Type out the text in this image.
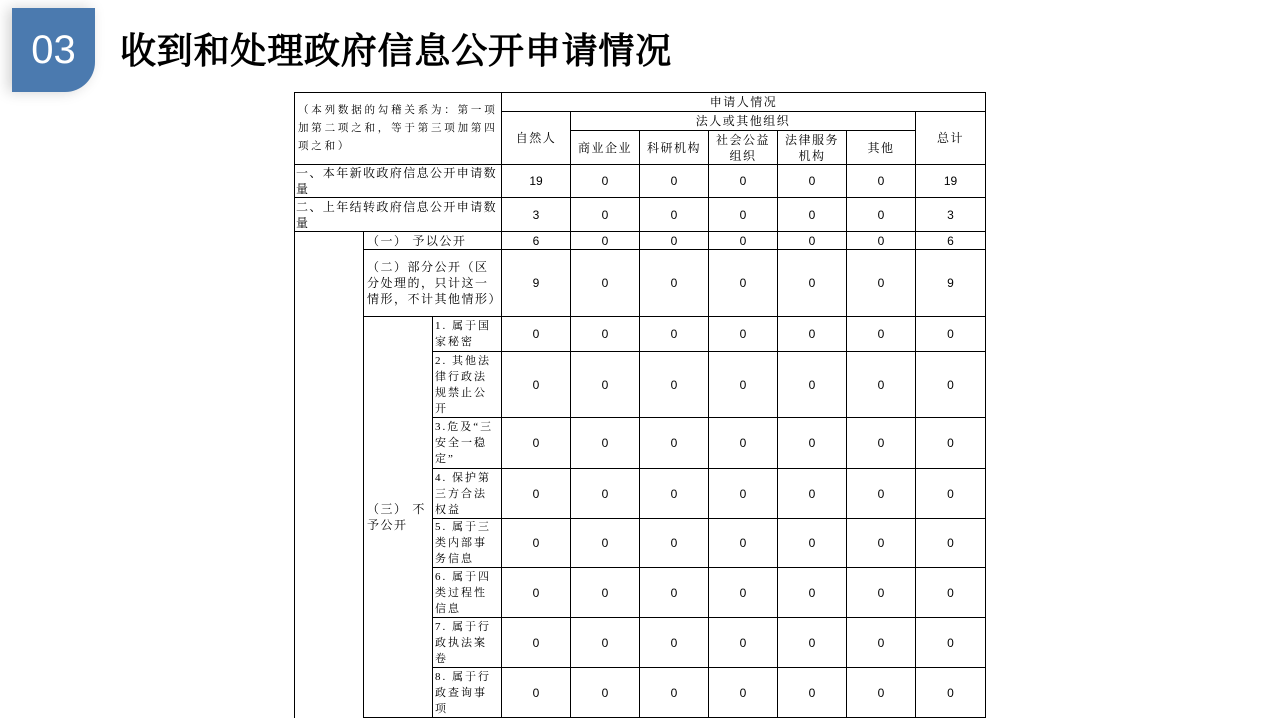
03	收到和处理政府信息公开申请情况
（本列数据的勾稽关系为：第一项加第二项之和，等于第三项加第四项之和）			申请人情况						
			自然人	法人或其他组织					总计
				商业企业	科研机构	社会公益组织	法律服务机构	其他	
一、本年新收政府信息公开申请数量			19	0	0	0	0	0	19
二、上年结转政府信息公开申请数量			3	0	0	0	0	0	3
	（一） 予以公开		6	0	0	0	0	0	6
	（二）部分公开（区分处理的，只计这一情形，不计其他情形）		9	0	0	0	0	0	9
	（三） 不予公开	1. 属于国家秘密	0	0	0	0	0	0	0
		2. 其他法律行政法规禁止公开	0	0	0	0	0	0	0
		3.危及“三安全一稳定”	0	0	0	0	0	0	0
		4. 保护第三方合法权益	0	0	0	0	0	0	0
		5. 属于三类内部事务信息	0	0	0	0	0	0	0
		6. 属于四类过程性信息	0	0	0	0	0	0	0
		7. 属于行政执法案卷	0	0	0	0	0	0	0
		8. 属于行政查询事项	0	0	0	0	0	0	0
